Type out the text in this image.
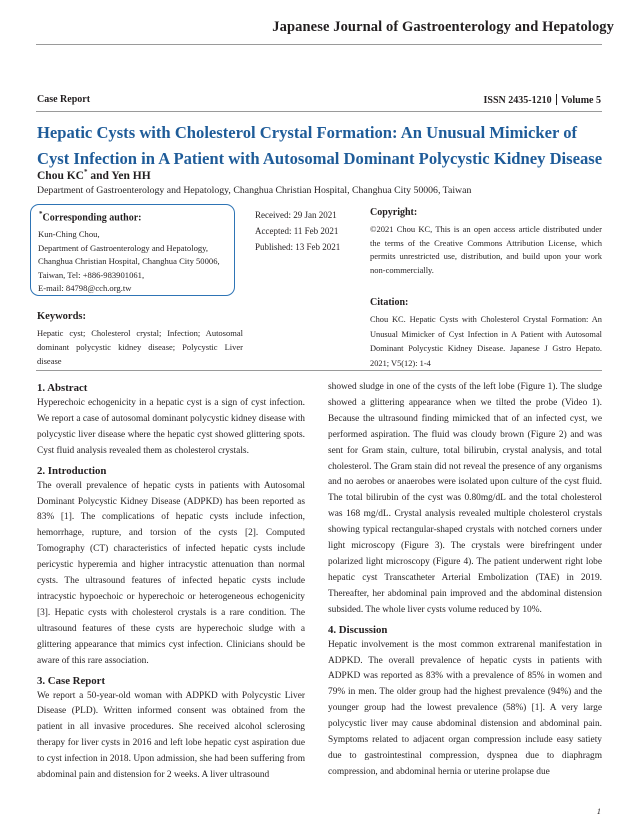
Japanese Journal of Gastroenterology and Hepatology
Case Report	ISSN 2435-1210 Volume 5
Hepatic Cysts with Cholesterol Crystal Formation: An Unusual Mimicker of Cyst Infection in A Patient with Autosomal Dominant Polycystic Kidney Disease
Chou KC* and Yen HH
Department of Gastroenterology and Hepatology, Changhua Christian Hospital, Changhua City 50006, Taiwan
*Corresponding author:
Kun-Ching Chou,
Department of Gastroenterology and Hepatology,
Changhua Christian Hospital, Changhua City 50006,
Taiwan, Tel: +886-983901061,
E-mail: 84798@cch.org.tw
Received: 29 Jan 2021
Accepted: 11 Feb 2021
Published: 13 Feb 2021
Copyright:
©2021 Chou KC, This is an open access article distributed under the terms of the Creative Commons Attribution License, which permits unrestricted use, distribution, and build upon your work non-commercially.
Keywords:
Hepatic cyst; Cholesterol crystal; Infection; Autosomal dominant polycystic kidney disease; Polycystic Liver disease
Citation:
Chou KC. Hepatic Cysts with Cholesterol Crystal Formation: An Unusual Mimicker of Cyst Infection in A Patient with Autosomal Dominant Polycystic Kidney Disease. Japanese J Gstro Hepato. 2021; V5(12): 1-4
1. Abstract

Hyperechoic echogenicity in a hepatic cyst is a sign of cyst infection. We report a case of autosomal dominant polycystic kidney disease with polycystic liver disease where the hepatic cyst showed glittering spots. Cyst fluid analysis revealed them as cholesterol crystals.

2. Introduction

The overall prevalence of hepatic cysts in patients with Autosomal Dominant Polycystic Kidney Disease (ADPKD) has been reported as 83% [1]. The complications of hepatic cysts include infection, hemorrhage, rupture, and torsion of the cysts [2]. Computed Tomography (CT) characteristics of infected hepatic cysts include pericystic hyperemia and higher intracystic attenuation than normal cysts. The ultrasound features of infected hepatic cysts include intracystic hypoechoic or hyperechoic or heterogeneous echogenicity [3]. Hepatic cysts with cholesterol crystals is a rare condition. The ultrasound features of these cysts are hyperechoic sludge with a glittering appearance that mimics cyst infection. Clinicians should be aware of this rare association.

3. Case Report

We report a 50-year-old woman with ADPKD with Polycystic Liver Disease (PLD). Written informed consent was obtained from the patient in all invasive procedures. She received alcohol sclerosing therapy for liver cysts in 2016 and left lobe hepatic cyst aspiration due to cyst infection in 2018. Upon admission, she had been suffering from abdominal pain and distension for 2 weeks. A liver ultrasound

showed sludge in one of the cysts of the left lobe (Figure 1). The sludge showed a glittering appearance when we tilted the probe (Video 1). Because the ultrasound finding mimicked that of an infected cyst, we performed aspiration. The fluid was cloudy brown (Figure 2) and was sent for Gram stain, culture, total bilirubin, crystal analysis, and total cholesterol. The Gram stain did not reveal the presence of any organisms and no aerobes or anaerobes were isolated upon culture of the cyst fluid. The total bilirubin of the cyst was 0.80mg/dL and the total cholesterol was 168 mg/dL. Crystal analysis revealed multiple cholesterol crystals showing typical rectangular-shaped crystals with notched corners under light microscopy (Figure 3). The crystals were birefringent under polarized light microscopy (Figure 4). The patient underwent right lobe hepatic cyst Transcatheter Arterial Embolization (TAE) in 2019. Thereafter, her abdominal pain improved and the abdominal distension subsided. The whole liver cysts volume reduced by 10%.

4. Discussion

Hepatic involvement is the most common extrarenal manifestation in ADPKD. The overall prevalence of hepatic cysts in patients with ADPKD was reported as 83% with a prevalence of 85% in women and 79% in men. The older group had the highest prevalence (94%) and the younger group had the lowest prevalence (58%) [1]. A very large polycystic liver may cause abdominal distension and abdominal pain. Symptoms related to adjacent organ compression include easy satiety due to gastrointestinal compression, dyspnea due to diaphragm compression, and abdominal hernia or uterine prolapse due

1
